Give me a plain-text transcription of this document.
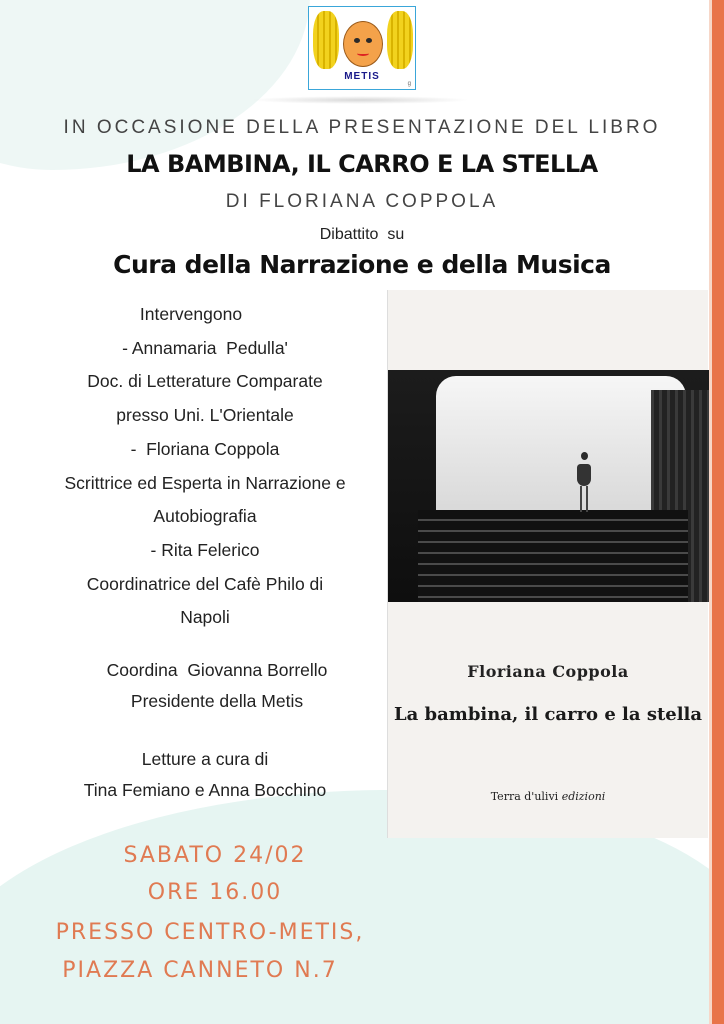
METIS
g
IN OCCASIONE DELLA PRESENTAZIONE DEL LIBRO
LA BAMBINA, IL CARRO E LA STELLA
DI FLORIANA COPPOLA
Dibattito  su
Cura della Narrazione e della Musica
Intervengono
- Annamaria  Pedulla'
Doc. di Letterature Comparate
presso Uni. L'Orientale
-  Floriana Coppola
Scrittrice ed Esperta in Narrazione e
Autobiografia
- Rita Felerico
Coordinatrice del Cafè Philo di
Napoli
Coordina  Giovanna Borrello
Presidente della Metis
Letture a cura di
Tina Femiano e Anna Bocchino
Floriana Coppola
La bambina, il carro e la stella
Terra d'ulivi edizioni
SABATO 24/02
ORE 16.00
PRESSO CENTRO-METIS,
PIAZZA CANNETO N.7
